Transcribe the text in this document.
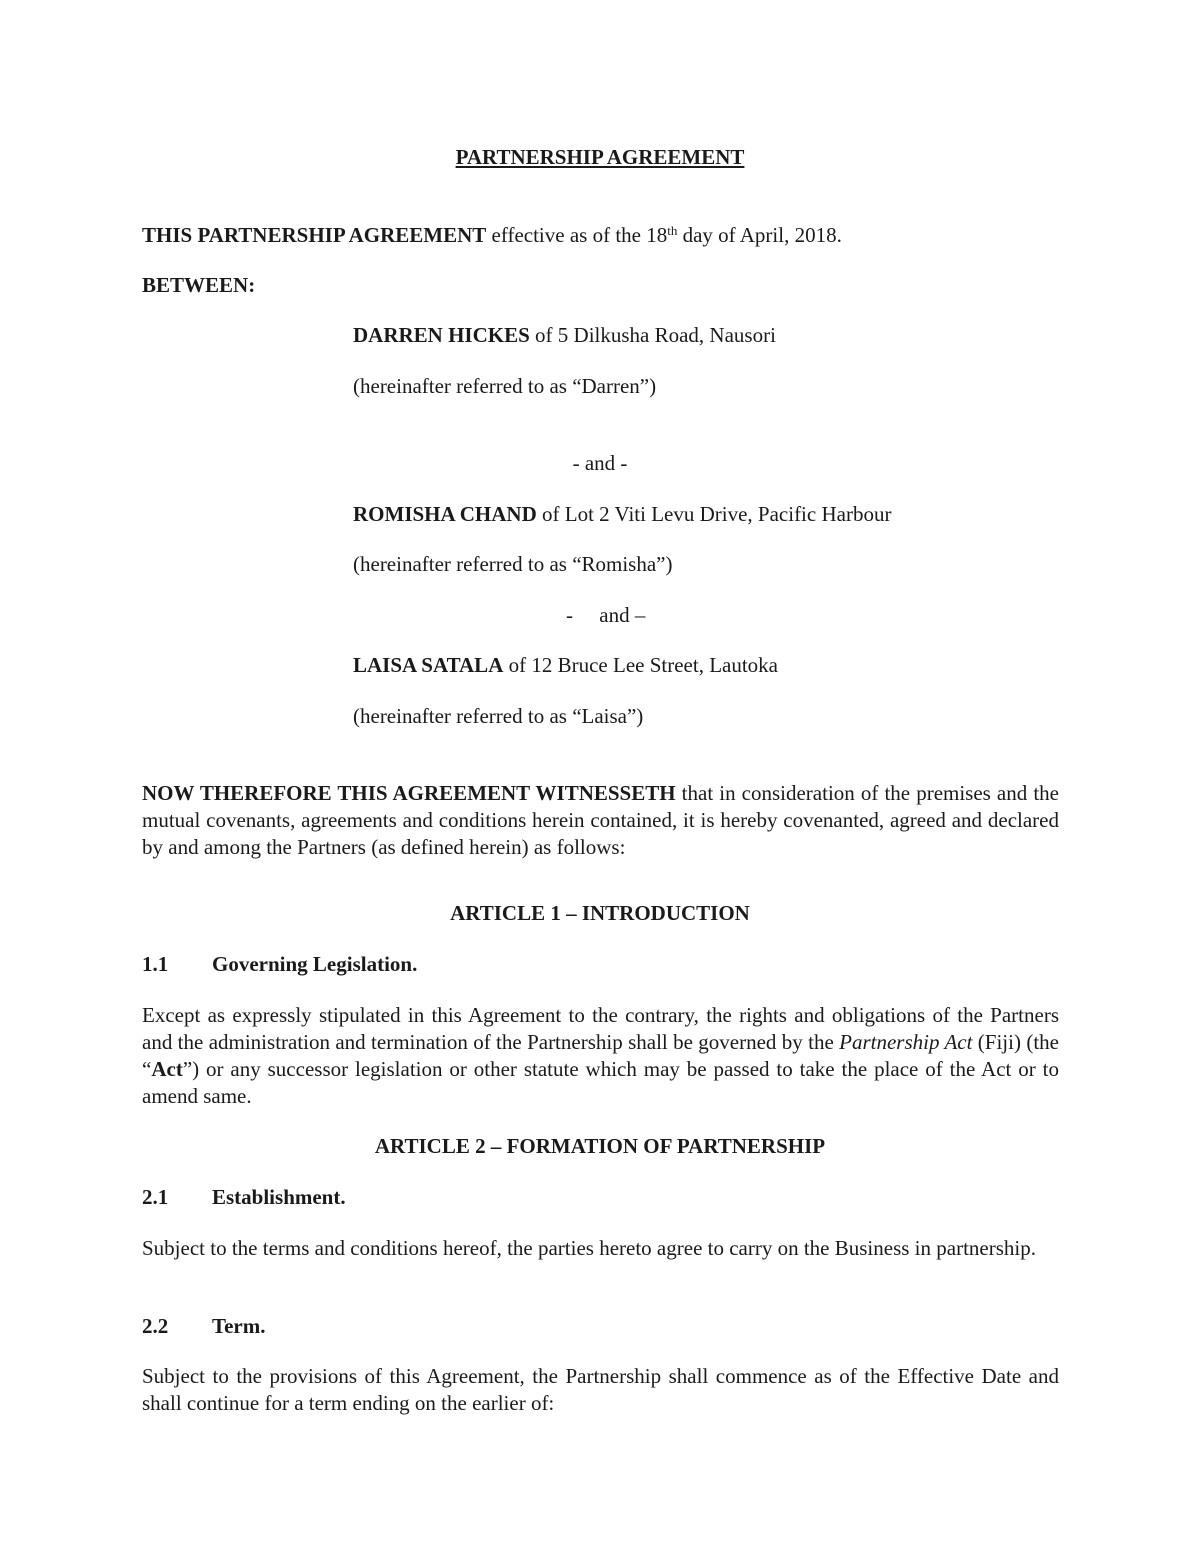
PARTNERSHIP AGREEMENT
THIS PARTNERSHIP AGREEMENT effective as of the 18th day of April, 2018.
BETWEEN:
DARREN HICKES of 5 Dilkusha Road, Nausori
(hereinafter referred to as “Darren”)
- and -
ROMISHA CHAND of Lot 2 Viti Levu Drive, Pacific Harbour
(hereinafter referred to as “Romisha”)
-     and –
LAISA SATALA of 12 Bruce Lee Street, Lautoka
(hereinafter referred to as “Laisa”)
NOW THEREFORE THIS AGREEMENT WITNESSETH that in consideration of the premises and the mutual covenants, agreements and conditions herein contained, it is hereby covenanted, agreed and declared by and among the Partners (as defined herein) as follows:
ARTICLE 1 – INTRODUCTION
1.1 Governing Legislation.
Except as expressly stipulated in this Agreement to the contrary, the rights and obligations of the Partners and the administration and termination of the Partnership shall be governed by the Partnership Act (Fiji) (the “Act”) or any successor legislation or other statute which may be passed to take the place of the Act or to amend same.
ARTICLE 2 – FORMATION OF PARTNERSHIP
2.1 Establishment.
Subject to the terms and conditions hereof, the parties hereto agree to carry on the Business in partnership.
2.2 Term.
Subject to the provisions of this Agreement, the Partnership shall commence as of the Effective Date and shall continue for a term ending on the earlier of:
